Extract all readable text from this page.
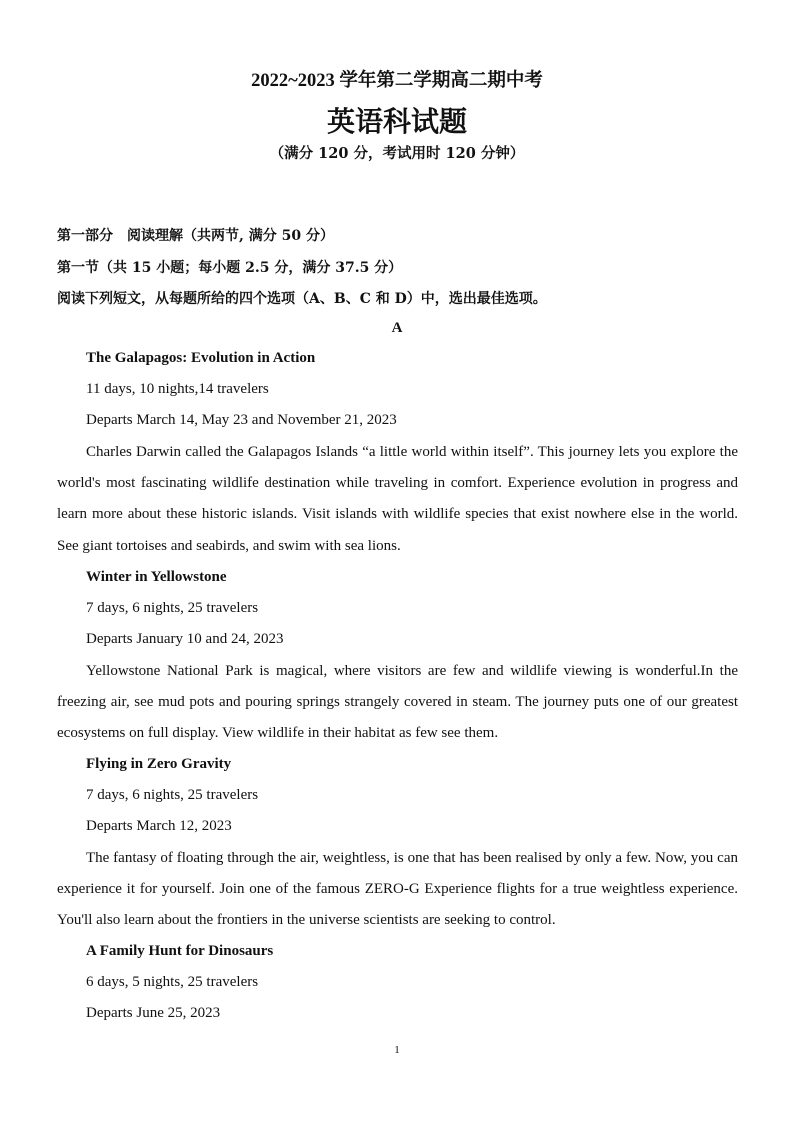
2022~2023 学年第二学期高二期中考
英语科试题
（满分 120 分，考试用时 120 分钟）
第一部分　阅读理解（共两节, 满分 50 分）
第一节（共 15 小题；每小题 2.5 分，满分 37.5 分）
阅读下列短文，从每题所给的四个选项（A、B、C 和 D）中，选出最佳选项。
A
The Galapagos: Evolution in Action
11 days, 10 nights,14 travelers
Departs March 14, May 23 and November 21, 2023

Charles Darwin called the Galapagos Islands “a little world within itself”. This journey lets you explore the world's most fascinating wildlife destination while traveling in comfort. Experience evolution in progress and learn more about these historic islands. Visit islands with wildlife species that exist nowhere else in the world. See giant tortoises and seabirds, and swim with sea lions.

Winter in Yellowstone
7 days, 6 nights, 25 travelers
Departs January 10 and 24, 2023

Yellowstone National Park is magical, where visitors are few and wildlife viewing is wonderful.In the freezing air, see mud pots and pouring springs strangely covered in steam. The journey puts one of our greatest ecosystems on full display. View wildlife in their habitat as few see them.

Flying in Zero Gravity
7 days, 6 nights, 25 travelers
Departs March 12, 2023

The fantasy of floating through the air, weightless, is one that has been realised by only a few. Now, you can experience it for yourself. Join one of the famous ZERO-G Experience flights for a true weightless experience. You'll also learn about the frontiers in the universe scientists are seeking to control.

A Family Hunt for Dinosaurs
6 days, 5 nights, 25 travelers
Departs June 25, 2023
1
